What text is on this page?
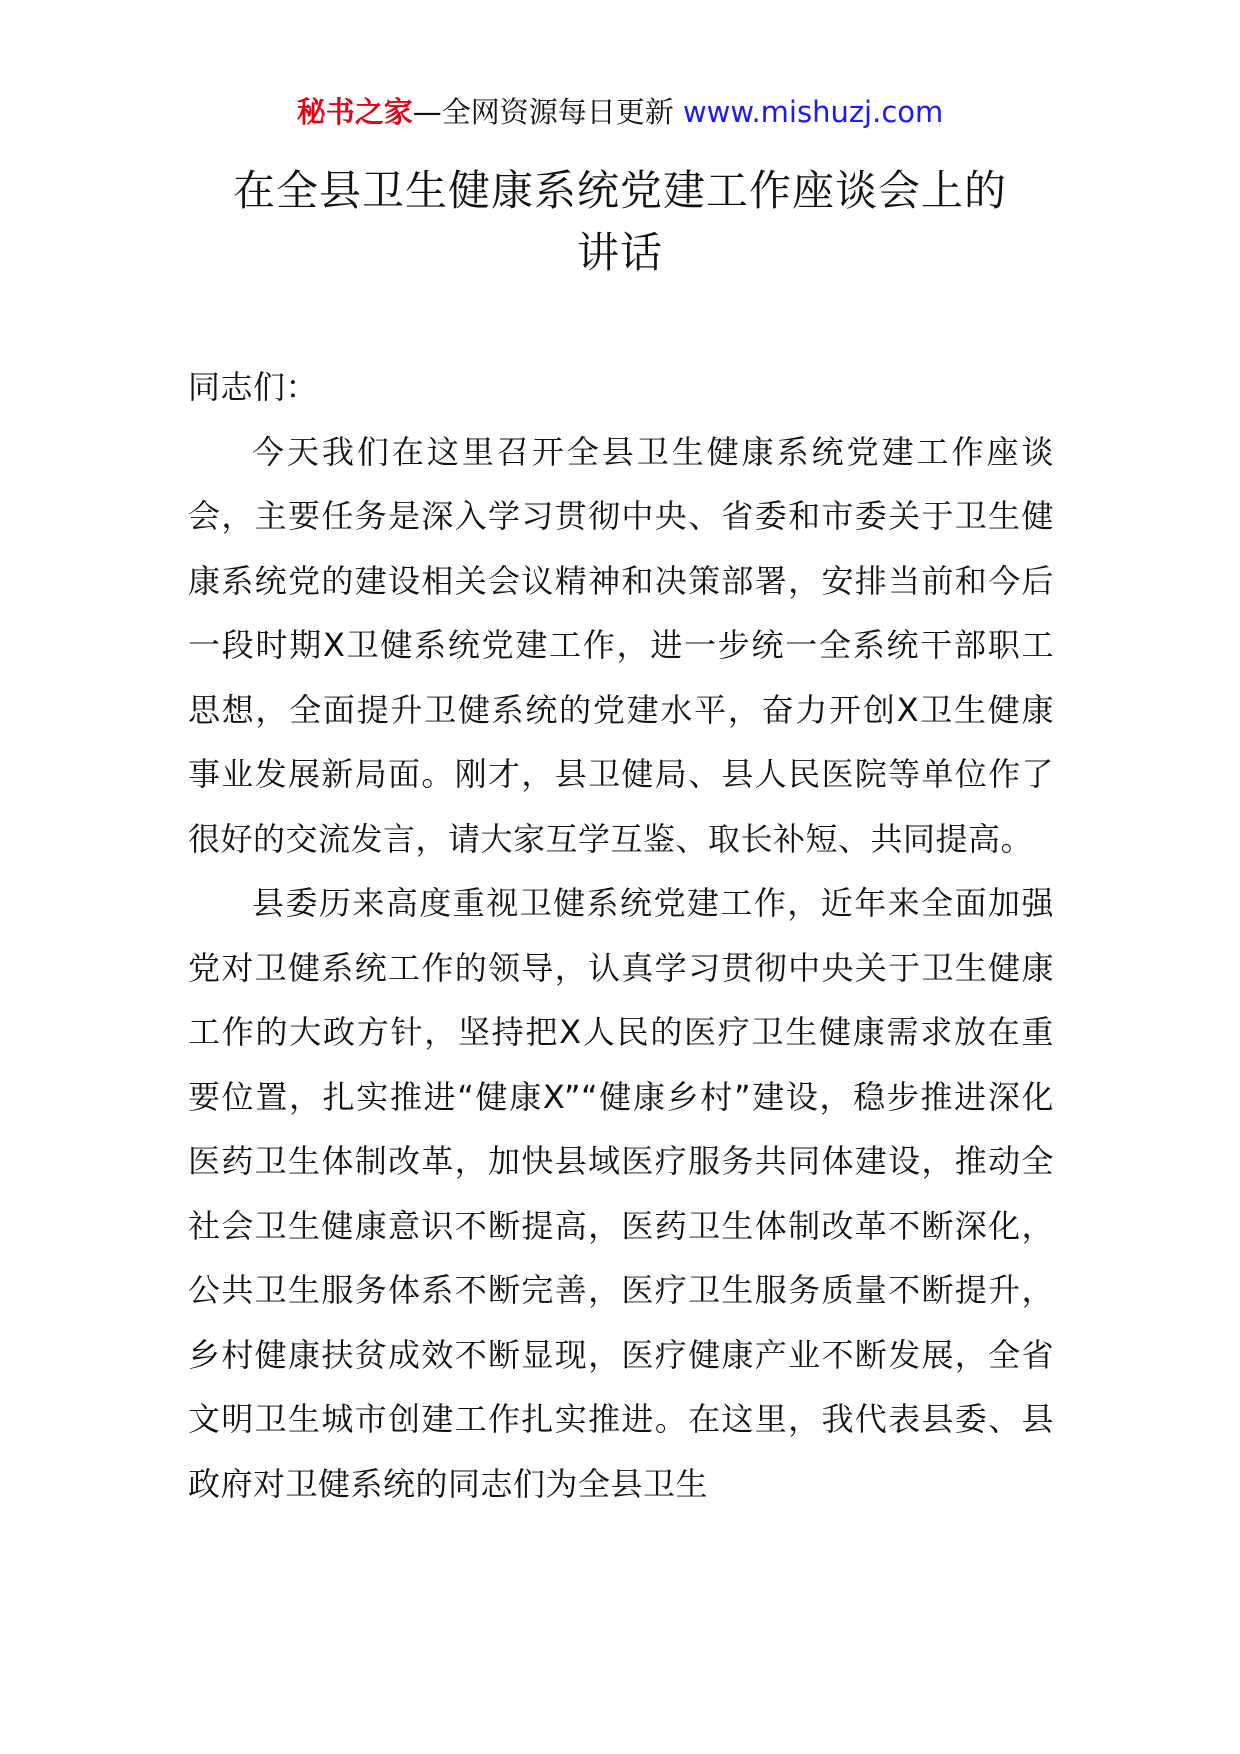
秘书之家—全网资源每日更新 www.mishuzj.com
在全县卫生健康系统党建工作座谈会上的
讲话

同志们：

今天我们在这里召开全县卫生健康系统党建工作座谈会，主要任务是深入学习贯彻中央、省委和市委关于卫生健康系统党的建设相关会议精神和决策部署，安排当前和今后一段时期X卫健系统党建工作，进一步统一全系统干部职工思想，全面提升卫健系统的党建水平，奋力开创X卫生健康事业发展新局面。刚才，县卫健局、县人民医院等单位作了很好的交流发言，请大家互学互鉴、取长补短、共同提高。

县委历来高度重视卫健系统党建工作，近年来全面加强党对卫健系统工作的领导，认真学习贯彻中央关于卫生健康工作的大政方针，坚持把X人民的医疗卫生健康需求放在重要位置，扎实推进“健康X”“健康乡村”建设，稳步推进深化医药卫生体制改革，加快县域医疗服务共同体建设，推动全社会卫生健康意识不断提高，医药卫生体制改革不断深化，公共卫生服务体系不断完善，医疗卫生服务质量不断提升，乡村健康扶贫成效不断显现，医疗健康产业不断发展，全省文明卫生城市创建工作扎实推进。在这里，我代表县委、县政府对卫健系统的同志们为全县卫生
